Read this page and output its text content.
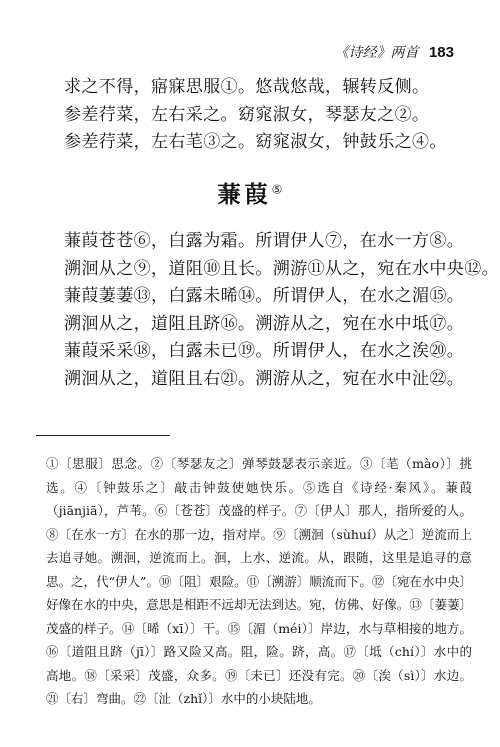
《诗经》两首 183
求之不得，寤寐思服①。悠哉悠哉，辗转反侧。
参差荇菜，左右采之。窈窕淑女，琴瑟友之②。
参差荇菜，左右芼③之。窈窕淑女，钟鼓乐之④。
蒹葭⑤
蒹葭苍苍⑥，白露为霜。所谓伊人⑦，在水一方⑧。
溯洄从之⑨，道阻⑩且长。溯游⑪从之，宛在水中央⑫。
蒹葭萋萋⑬，白露未晞⑭。所谓伊人，在水之湄⑮。
溯洄从之，道阻且跻⑯。溯游从之，宛在水中坻⑰。
蒹葭采采⑱，白露未已⑲。所谓伊人，在水之涘⑳。
溯洄从之，道阻且右㉑。溯游从之，宛在水中沚㉒。
①〔思服〕思念。②〔琴瑟友之〕弹琴鼓瑟表示亲近。③〔芼（mào）〕挑选。④〔钟鼓乐之〕敲击钟鼓使她快乐。⑤选自《诗经·秦风》。蒹葭（jiānjiā），芦苇。⑥〔苍苍〕茂盛的样子。⑦〔伊人〕那人，指所爱的人。⑧〔在水一方〕在水的那一边，指对岸。⑨〔溯洄（sùhuí）从之〕逆流而上去追寻她。溯洄，逆流而上。洄，上水、逆流。从，跟随，这里是追寻的意思。之，代“伊人”。⑩〔阻〕艰险。⑪〔溯游〕顺流而下。⑫〔宛在水中央〕好像在水的中央，意思是相距不远却无法到达。宛，仿佛、好像。⑬〔萋萋〕茂盛的样子。⑭〔晞（xī）〕干。⑮〔湄（méi）〕岸边，水与草相接的地方。⑯〔道阻且跻（jī）〕路又险又高。阻，险。跻，高。⑰〔坻（chí）〕水中的高地。⑱〔采采〕茂盛，众多。⑲〔未已〕还没有完。⑳〔涘（sì）〕水边。㉑〔右〕弯曲。㉒〔沚（zhǐ）〕水中的小块陆地。
